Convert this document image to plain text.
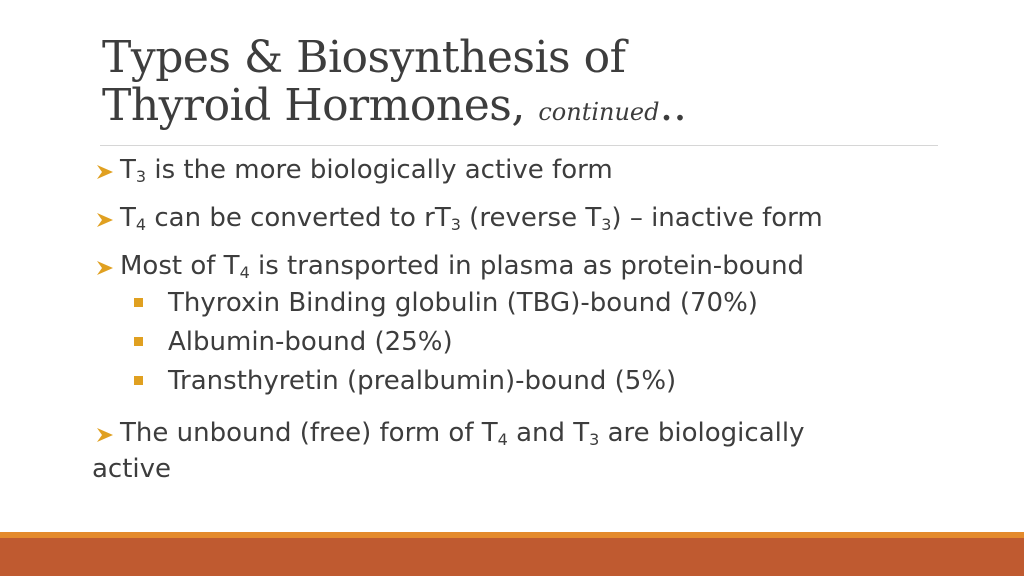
Types & Biosynthesis of
Thyroid Hormones, continued..
$T_3$ is the more biologically active form
$T_4$ can be converted to $rT_3$ (reverse $T_3$) – inactive form
Most of $T_4$ is transported in plasma as protein-bound
Thyroxin Binding globulin (TBG)-bound (70%)
Albumin-bound (25%)
Transthyretin (prealbumin)-bound (5%)
The unbound (free) form of $T_4$ and $T_3$ are biologically active
